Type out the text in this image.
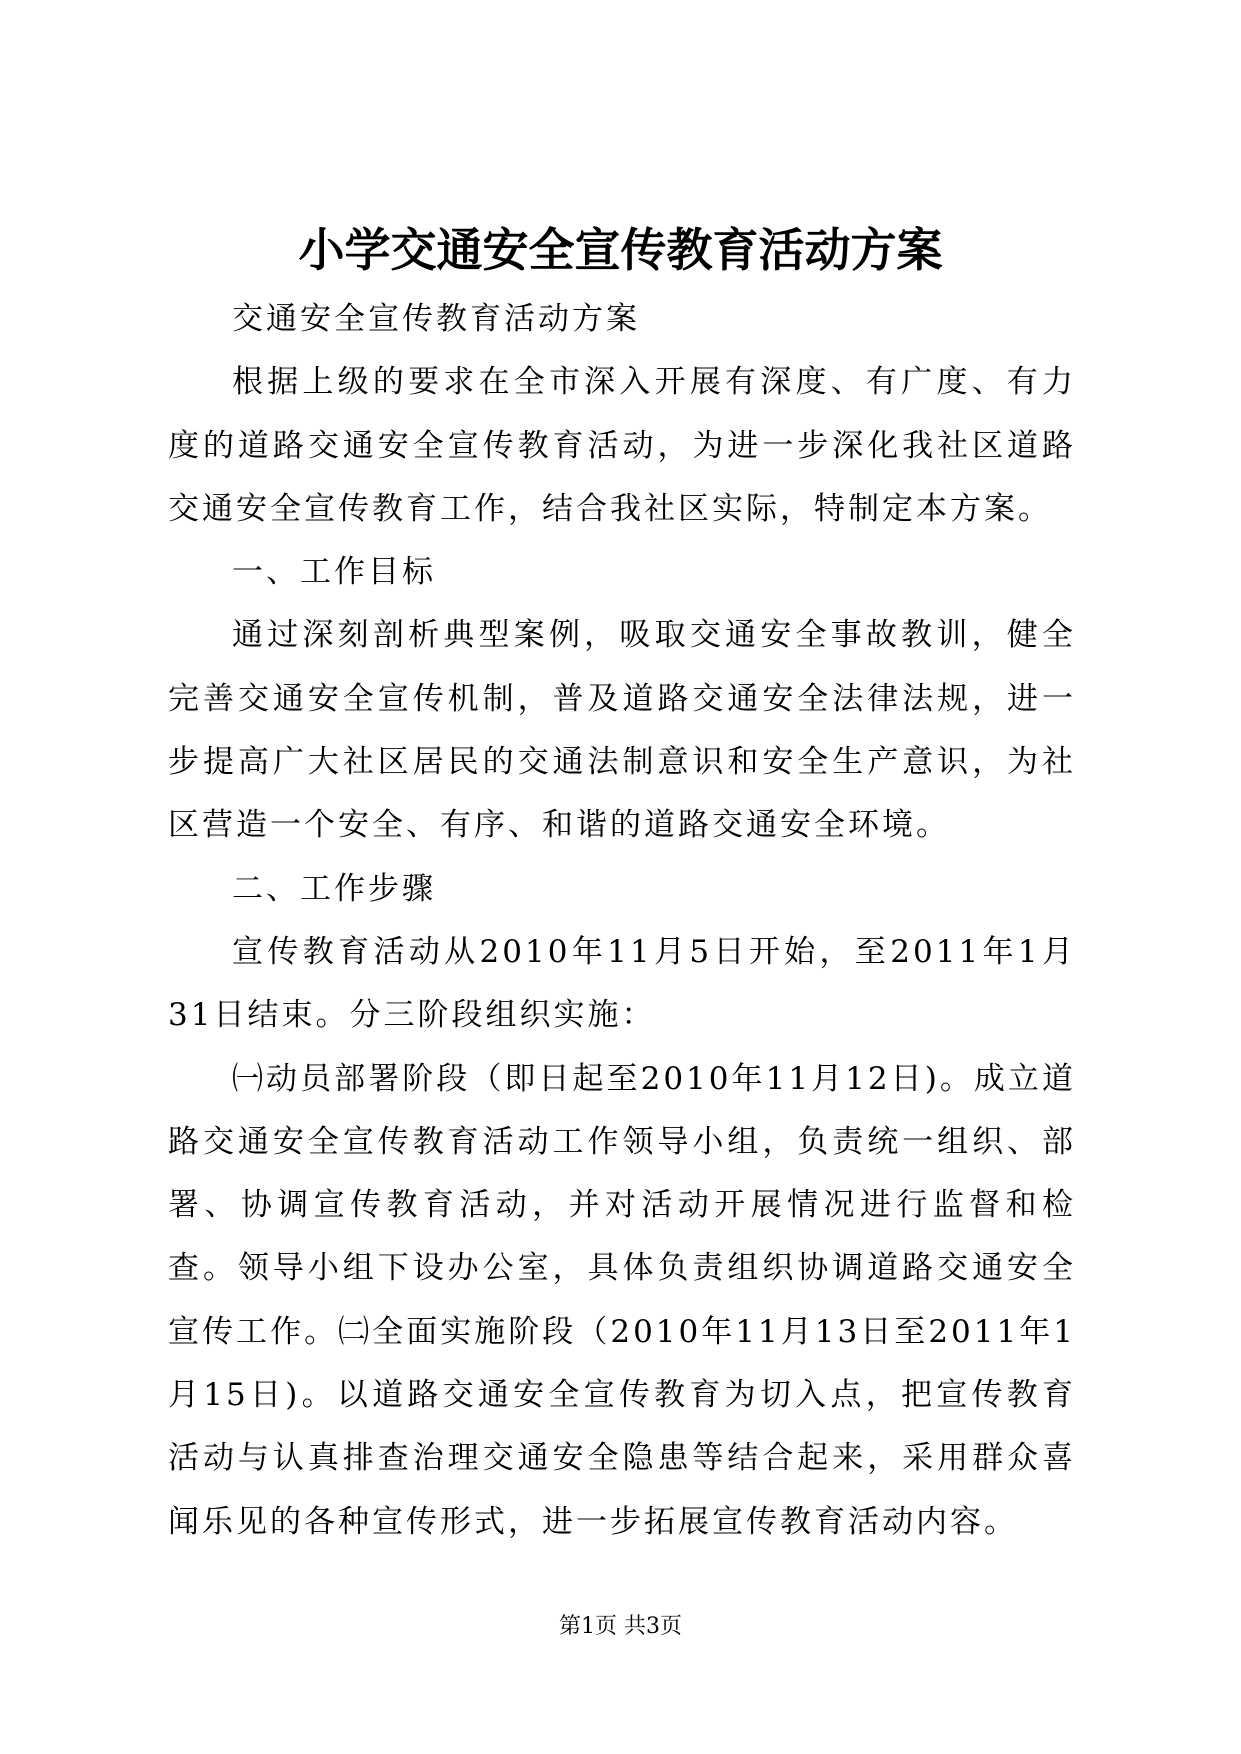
小学交通安全宣传教育活动方案

交通安全宣传教育活动方案

根据上级的要求在全市深入开展有深度、有广度、有力度的道路交通安全宣传教育活动，为进一步深化我社区道路交通安全宣传教育工作，结合我社区实际，特制定本方案。

一、工作目标

通过深刻剖析典型案例，吸取交通安全事故教训，健全完善交通安全宣传机制，普及道路交通安全法律法规，进一步提高广大社区居民的交通法制意识和安全生产意识，为社区营造一个安全、有序、和谐的道路交通安全环境。

二、工作步骤

宣传教育活动从2010年11月5日开始，至2011年1月31日结束。分三阶段组织实施：

㈠动员部署阶段（即日起至2010年11月12日)。成立道路交通安全宣传教育活动工作领导小组，负责统一组织、部署、协调宣传教育活动，并对活动开展情况进行监督和检查。领导小组下设办公室，具体负责组织协调道路交通安全宣传工作。㈡全面实施阶段（2010年11月13日至2011年1月15日)。以道路交通安全宣传教育为切入点，把宣传教育活动与认真排查治理交通安全隐患等结合起来，采用群众喜闻乐见的各种宣传形式，进一步拓展宣传教育活动内容。

第1页 共3页
